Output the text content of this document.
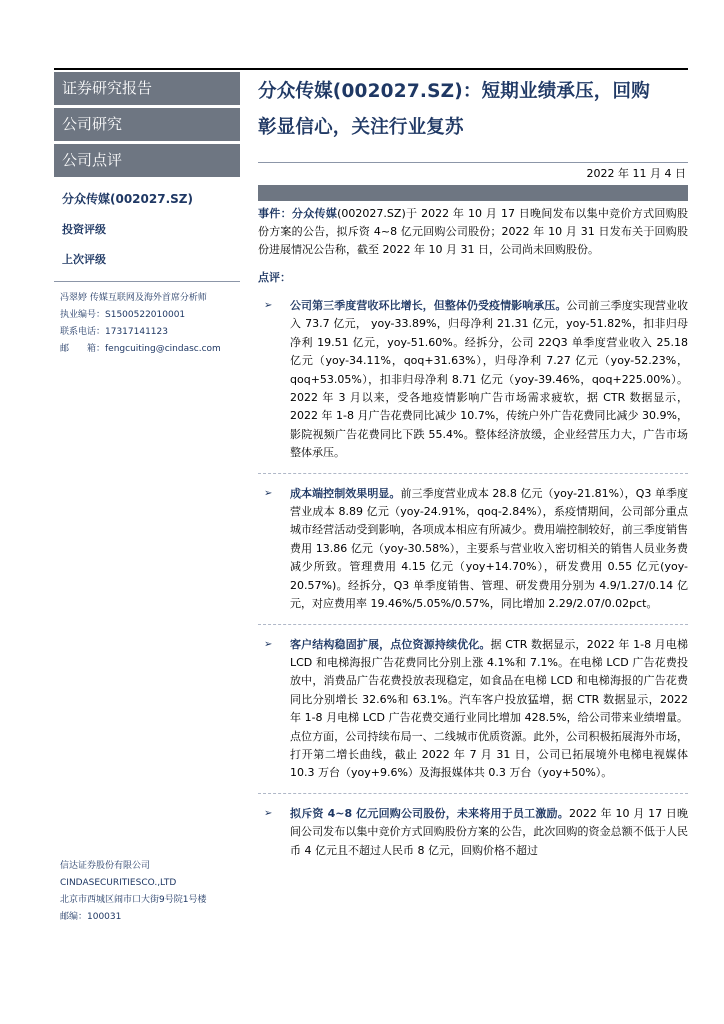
证券研究报告
公司研究
公司点评
分众传媒(002027.SZ)
投资评级
上次评级
冯翠婷 传媒互联网及海外首席分析师
执业编号：S1500522010001
联系电话：17317141123
邮　　箱：fengcuiting@cindasc.com
信达证券股份有限公司
CINDASECURITIESCO.,LTD
北京市西城区闹市口大街9号院1号楼
邮编：100031
分众传媒(002027.SZ)：短期业绩承压，回购
彰显信心，关注行业复苏
2022 年 11 月 4 日
事件：分众传媒(002027.SZ)于 2022 年 10 月 17 日晚间发布以集中竞价方式回购股份方案的公告，拟斥资 4~8 亿元回购公司股份；2022 年 10 月 31 日发布关于回购股份进展情况公告称，截至 2022 年 10 月 31 日，公司尚未回购股份。
点评：
➢ 公司第三季度营收环比增长，但整体仍受疫情影响承压。公司前三季度实现营业收入 73.7 亿元， yoy-33.89%，归母净利 21.31 亿元，yoy-51.82%，扣非归母净利 19.51 亿元，yoy-51.60%。经拆分，公司 22Q3 单季度营业收入 25.18 亿元（yoy-34.11%，qoq+31.63%），归母净利 7.27 亿元（yoy-52.23%，qoq+53.05%），扣非归母净利 8.71 亿元（yoy-39.46%，qoq+225.00%）。2022 年 3 月以来，受各地疫情影响广告市场需求疲软，据 CTR 数据显示，2022 年 1-8 月广告花费同比减少 10.7%，传统户外广告花费同比减少 30.9%，影院视频广告花费同比下跌 55.4%。整体经济放缓，企业经营压力大，广告市场整体承压。
➢ 成本端控制效果明显。前三季度营业成本 28.8 亿元（yoy-21.81%），Q3 单季度营业成本 8.89 亿元（yoy-24.91%，qoq-2.84%），系疫情期间，公司部分重点城市经营活动受到影响，各项成本相应有所减少。费用端控制较好，前三季度销售费用 13.86 亿元（yoy-30.58%），主要系与营业收入密切相关的销售人员业务费减少所致。管理费用 4.15 亿元（yoy+14.70%），研发费用 0.55 亿元(yoy-20.57%)。经拆分，Q3 单季度销售、管理、研发费用分别为 4.9/1.27/0.14 亿元，对应费用率 19.46%/5.05%/0.57%，同比增加 2.29/2.07/0.02pct。
➢ 客户结构稳固扩展，点位资源持续优化。据 CTR 数据显示，2022 年 1-8 月电梯 LCD 和电梯海报广告花费同比分别上涨 4.1%和 7.1%。在电梯 LCD 广告花费投放中，消费品广告花费投放表现稳定，如食品在电梯 LCD 和电梯海报的广告花费同比分别增长 32.6%和 63.1%。汽车客户投放猛增，据 CTR 数据显示，2022 年 1-8 月电梯 LCD 广告花费交通行业同比增加 428.5%，给公司带来业绩增量。点位方面，公司持续布局一、二线城市优质资源。此外，公司积极拓展海外市场，打开第二增长曲线，截止 2022 年 7 月 31 日，公司已拓展境外电梯电视媒体 10.3 万台（yoy+9.6%）及海报媒体共 0.3 万台（yoy+50%）。
➢ 拟斥资 4~8 亿元回购公司股份，未来将用于员工激励。2022 年 10 月 17 日晚间公司发布以集中竞价方式回购股份方案的公告，此次回购的资金总额不低于人民币 4 亿元且不超过人民币 8 亿元，回购价格不超过
